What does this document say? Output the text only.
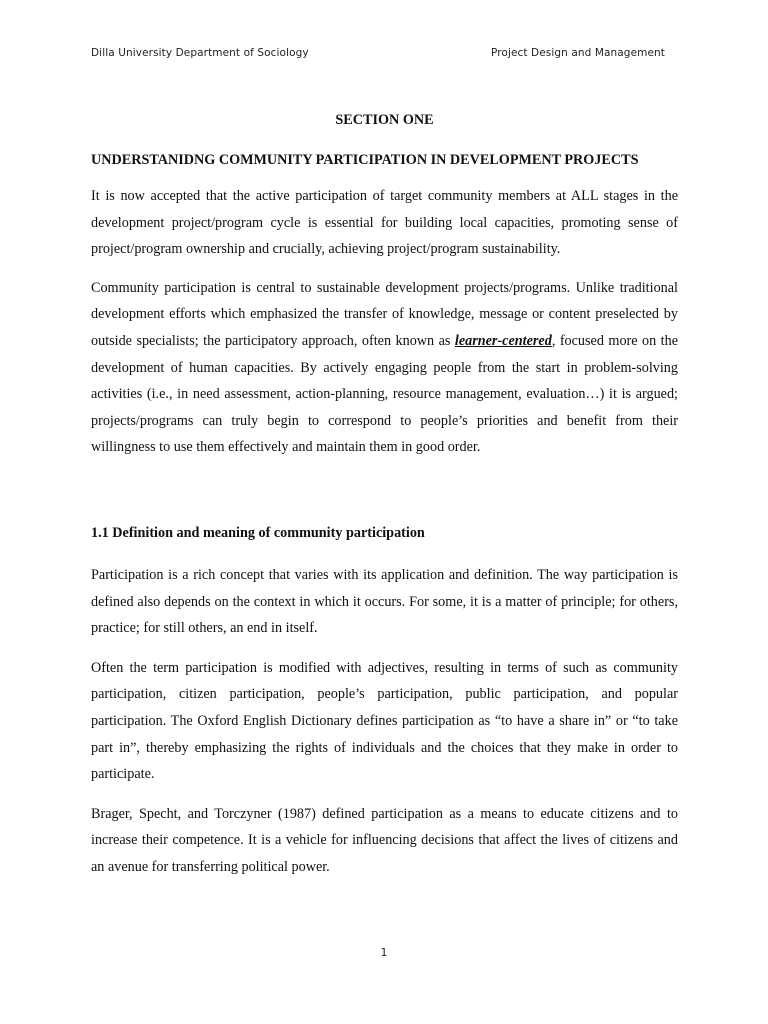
Dilla University Department of Sociology	Project Design and Management
SECTION ONE
UNDERSTANIDNG COMMUNITY PARTICIPATION IN DEVELOPMENT PROJECTS

It is now accepted that the active participation of target community members at ALL stages in the development project/program cycle is essential for building local capacities, promoting sense of project/program ownership and crucially, achieving project/program sustainability.

Community participation is central to sustainable development projects/programs. Unlike traditional development efforts which emphasized the transfer of knowledge, message or content preselected by outside specialists; the participatory approach, often known as learner-centered, focused more on the development of human capacities. By actively engaging people from the start in problem-solving activities (i.e., in need assessment, action-planning, resource management, evaluation…) it is argued; projects/programs can truly begin to correspond to people’s priorities and benefit from their willingness to use them effectively and maintain them in good order.

1.1 Definition and meaning of community participation

Participation is a rich concept that varies with its application and definition. The way participation is defined also depends on the context in which it occurs. For some, it is a matter of principle; for others, practice; for still others, an end in itself.

Often the term participation is modified with adjectives, resulting in terms of such as community participation, citizen participation, people’s participation, public participation, and popular participation. The Oxford English Dictionary defines participation as “to have a share in” or “to take part in”, thereby emphasizing the rights of individuals and the choices that they make in order to participate.

Brager, Specht, and Torczyner (1987) defined participation as a means to educate citizens and to increase their competence. It is a vehicle for influencing decisions that affect the lives of citizens and an avenue for transferring political power.

1
